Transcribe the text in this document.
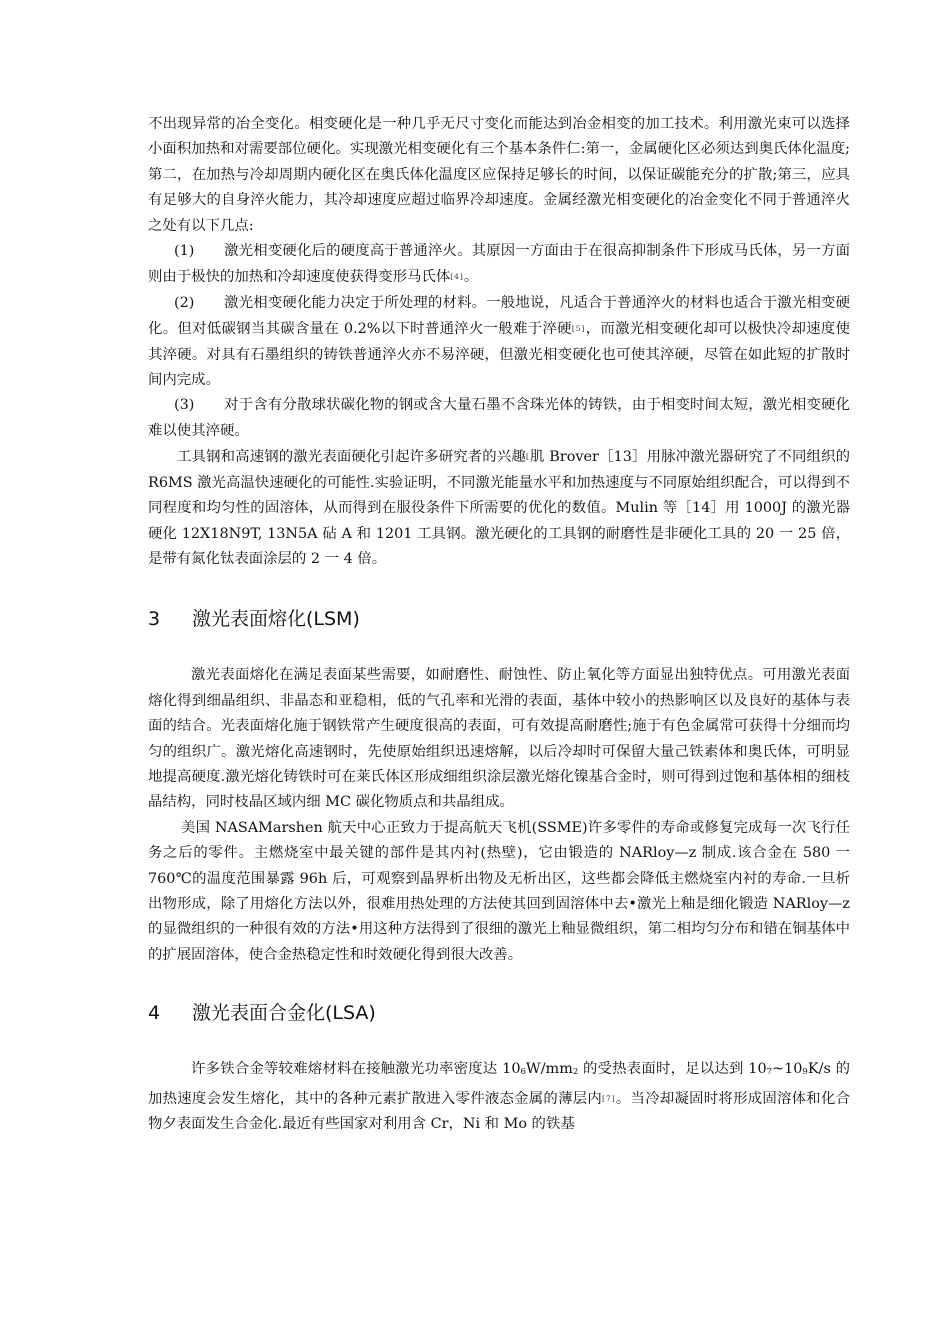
不出现异常的冶全变化。相变硬化是一种几乎无尺寸变化而能达到冶金相变的加工技术。利用激光束可以选择小面积加热和对需要部位硬化。实现激光相变硬化有三个基本条件仁:第一，金属硬化区必须达到奥氏体化温度;第二，在加热与冷却周期内硬化区在奥氏体化温度区应保持足够长的时间，以保证碳能充分的扩散;第三，应具有足够大的自身淬火能力，其冷却速度应超过临界冷却速度。金属经激光相变硬化的冶金变化不同于普通淬火之处有以下几点:

(1) 激光相变硬化后的硬度高于普通淬火。其原因一方面由于在很高抑制条件下形成马氏体，另一方面则由于极快的加热和冷却速度使获得变形马氏体[4]。

(2) 激光相变硬化能力决定于所处理的材料。一般地说，凡适合于普通淬火的材料也适合于激光相变硬化。但对低碳钢当其碳含量在 0.2%以下时普通淬火一般难于淬硬[5]，而激光相变硬化却可以极快冷却速度使其淬硬。对具有石墨组织的铸铁普通淬火亦不易淬硬，但激光相变硬化也可使其淬硬，尽管在如此短的扩散时间内完成。

(3) 对于含有分散球状碳化物的钢或含大量石墨不含珠光体的铸铁，由于相变时间太短，激光相变硬化难以使其淬硬。

工具钢和高速钢的激光表面硬化引起许多研究者的兴趣[肌 Brover［13］用脉冲激光器研究了不同组织的 R6MS 激光高温快速硬化的可能性.实验证明，不同激光能量水平和加热速度与不同原始组织配合，可以得到不同程度和均匀性的固溶体，从而得到在服役条件下所需要的优化的数值。Mulin 等［14］用 1000J 的激光器硬化 12X18N9T, 13N5A 砧 A 和 1201 工具钢。激光硬化的工具钢的耐磨性是非硬化工具的 20 一 25 倍，是带有氮化钛表面涂层的 2 一 4 倍。

3 激光表面熔化(LSM)

激光表面熔化在满足表面某些需要，如耐磨性、耐蚀性、防止氧化等方面显出独特优点。可用激光表面熔化得到细晶组织、非晶态和亚稳相，低的气孔率和光滑的表面，基体中较小的热影响区以及良好的基体与表面的结合。光表面熔化施于钢铁常产生硬度很高的表面，可有效提高耐磨性;施于有色金属常可获得十分细而均匀的组织广。激光熔化高速钢时，先使原始组织迅速熔解，以后冷却时可保留大量己铁素体和奥氏体，可明显地提高硬度.激光熔化铸铁时可在莱氏体区形成细组织涂层激光熔化镍基合金时，则可得到过饱和基体相的细枝晶结构，同时枝晶区域内细 MC 碳化物质点和共晶组成。

美国 NASAMarshen 航天中心正致力于提高航天飞机(SSME)许多零件的寿命或修复完成每一次飞行任务之后的零件。主燃烧室中最关键的部件是其内衬(热壁)，它由锻造的 NARloy—z 制成.该合金在 580 一 760℃的温度范围暴露 96h 后，可观察到晶界析出物及无析出区，这些都会降低主燃烧室内衬的寿命.一旦析出物形成，除了用熔化方法以外，很难用热处理的方法使其回到固溶体中去•激光上釉是细化锻造 NARloy—z 的显微组织的一种很有效的方法•用这种方法得到了很细的激光上釉显微组织，第二相均匀分布和错在铜基体中的扩展固溶体，使合金热稳定性和时效硬化得到很大改善。

4 激光表面合金化(LSA)

许多铁合金等较难熔材料在接触激光功率密度达 106W/mm2 的受热表面时，足以达到 107~109K/s 的加热速度会发生熔化，其中的各种元素扩散进入零件液态金属的薄层内[7]。当冷却凝固时将形成固溶体和化合物夕表面发生合金化.最近有些国家对利用含 Cr，Ni 和 Mo 的铁基
